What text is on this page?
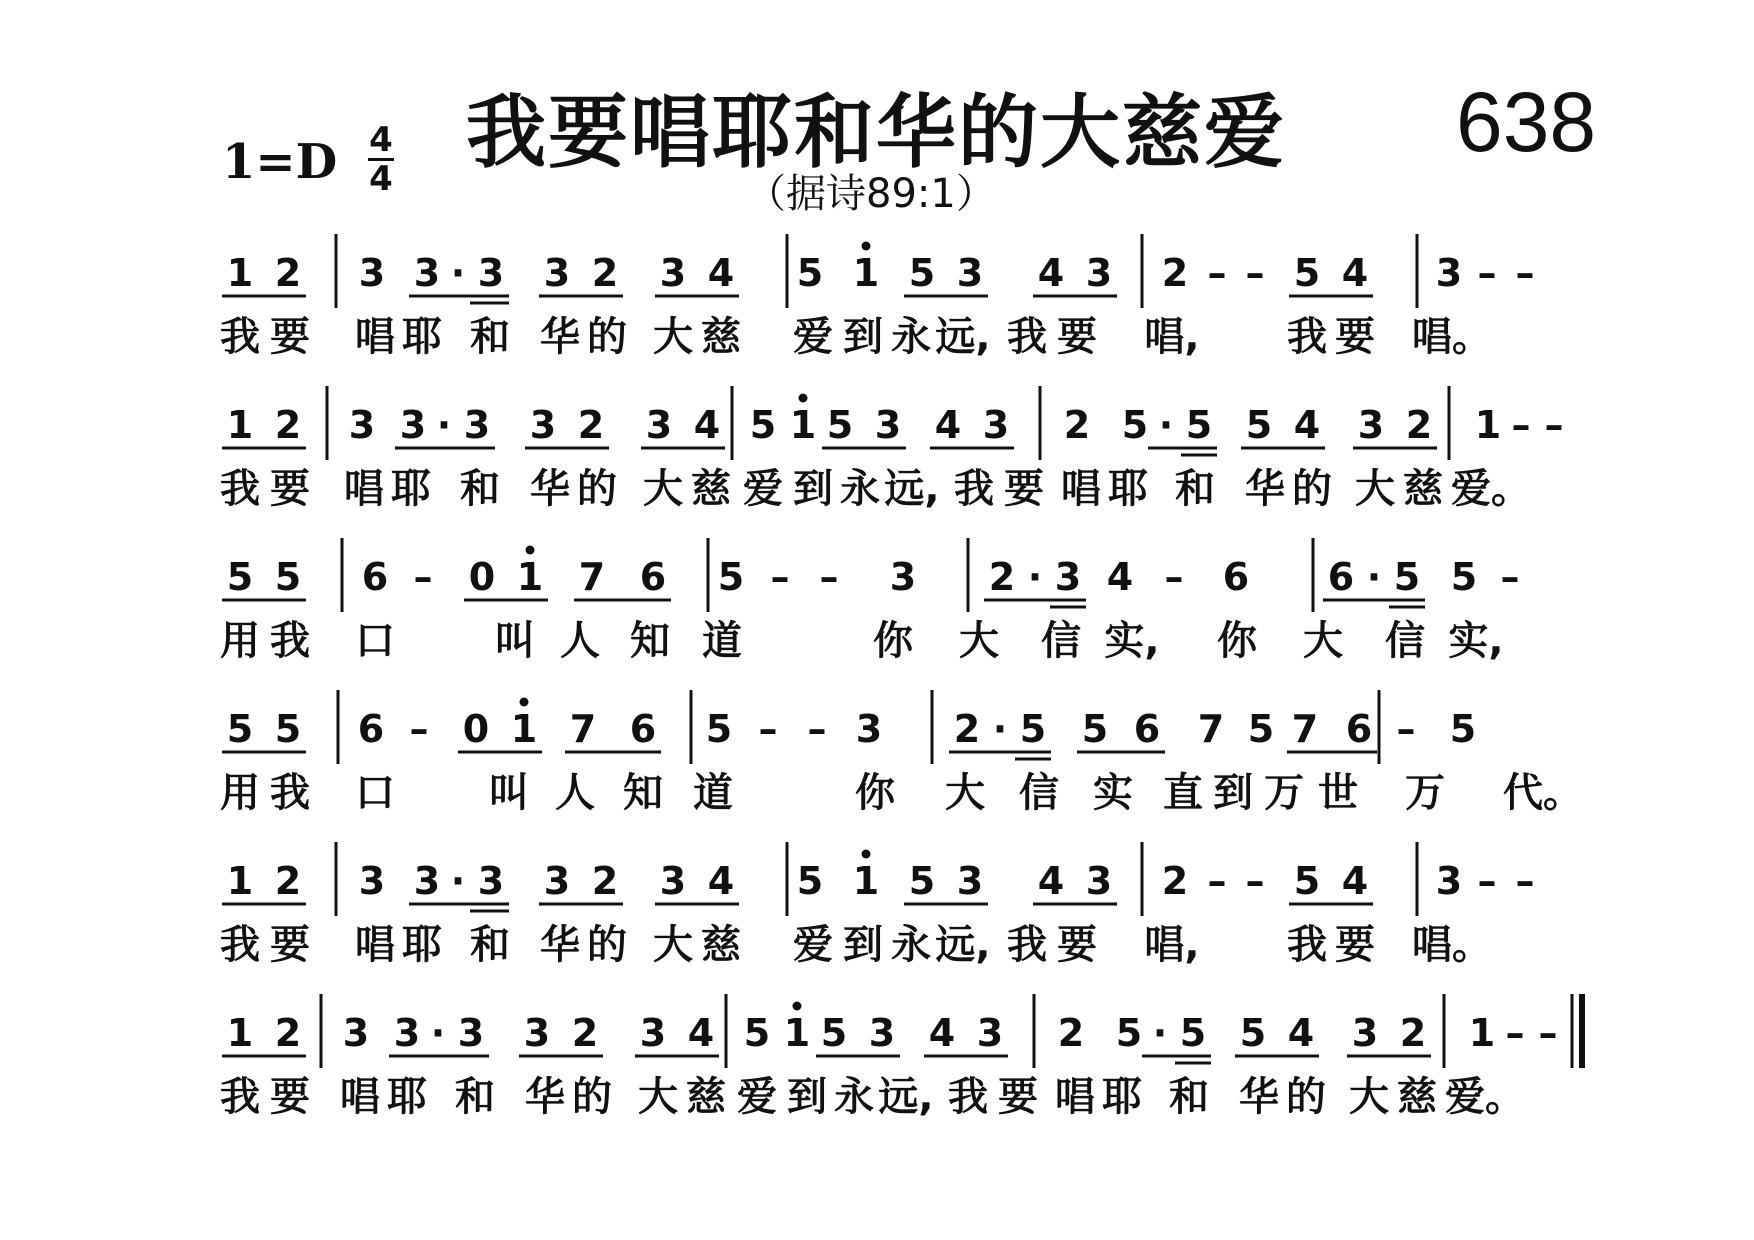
我要唱耶和华的大慈爱
（据诗89:1）
638
1=D 4
4
1 2 3 3 · 3 3 2 3 4 5 1 5 3 4 3 2 – – 5 4 3 – –
我 要 唱 耶 和 华 的 大 慈 爱 到 永 远, 我 要 唱, 我 要 唱。
1 2 3 3 · 3 3 2 3 4 5 1 5 3 4 3 2 5 · 5 5 4 3 2 1 – –
我 要 唱 耶 和 华 的 大 慈 爱 到 永 远, 我 要 唱 耶 和 华 的 大 慈 爱。
5 5 6 – 0 1 7 6 5 – – 3 2 · 3 4 – 6 6 · 5 5 –
用 我 口	叫 人 知 道	你 大 信 实, 你 大 信 实,
5 5 6 – 0 1 7 6 5 – – 3 2 · 5 5 6 7 5 7 6 – 5
用 我 口 叫 人 知 道	你 大 信 实 直 到 万 世 万 代。
1 2 3 3 · 3 3 2 3 4 5 1 5 3 4 3 2 – – 5 4 3 – –
我 要 唱 耶 和 华 的 大 慈 爱 到 永 远, 我 要 唱, 我 要 唱。
1 2 3 3 · 3 3 2 3 4 5 1 5 3 4 3 2 5 · 5 5 4 3 2 1 – –
我 要 唱 耶 和 华 的 大 慈 爱 到 永 远, 我 要 唱 耶 和 华 的 大 慈 爱。
